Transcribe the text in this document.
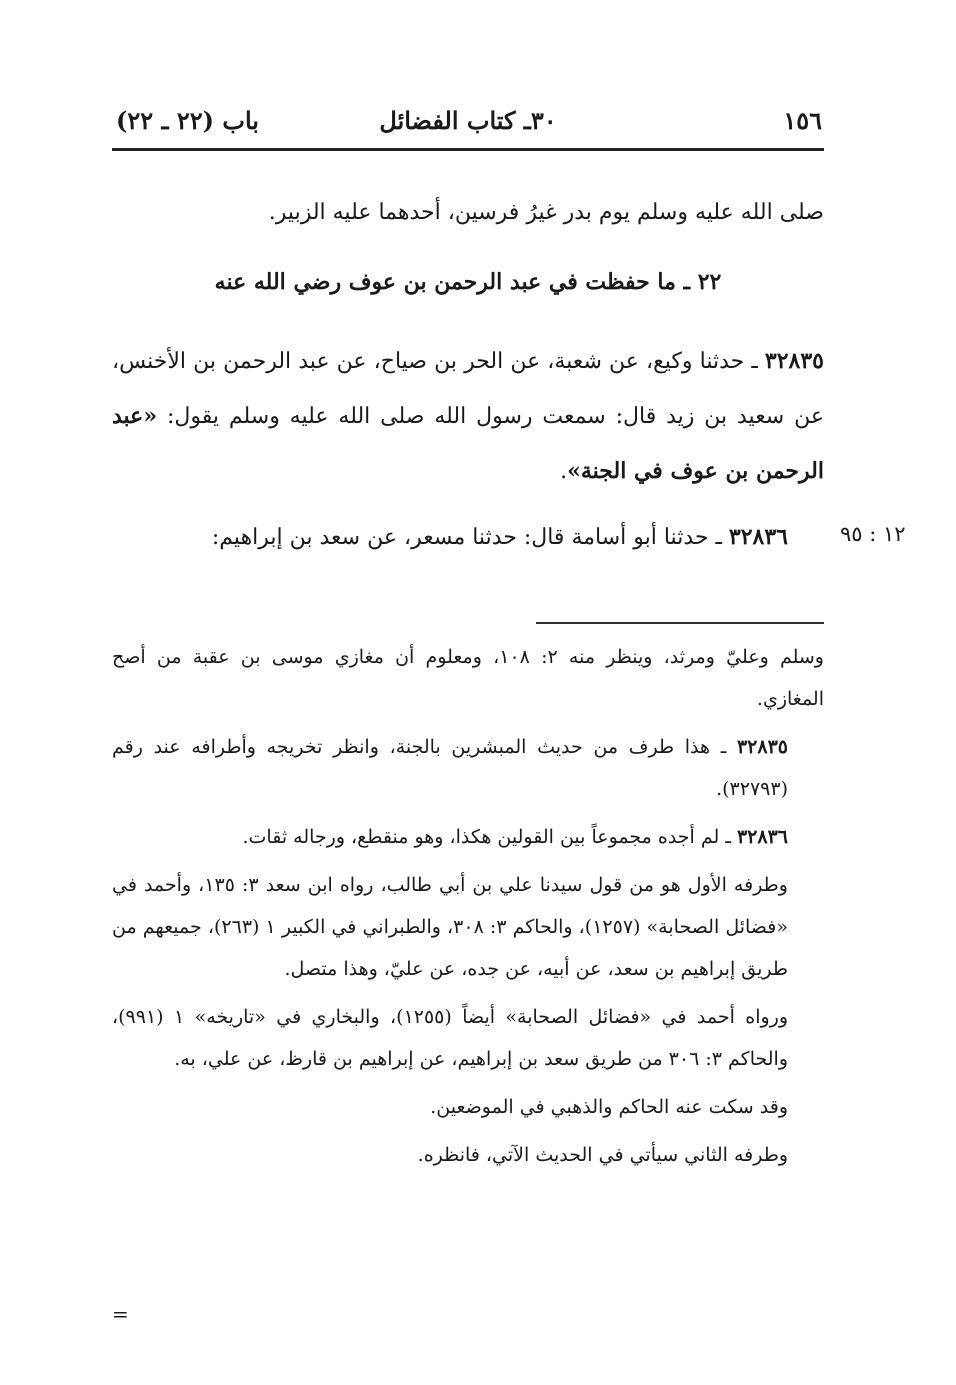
١٥٦
٣٠ـ كتاب الفضائل
باب (٢٢ ـ ٢٢)

صلى الله عليه وسلم يوم بدر غيرُ فرسين، أحدهما عليه الزبير.

٢٢ ـ ما حفظت في عبد الرحمن بن عوف رضي الله عنه

٣٢٨٣٥ ـ حدثنا وكيع، عن شعبة، عن الحر بن صياح، عن عبد الرحمن بن الأخنس، عن سعيد بن زيد قال: سمعت رسول الله صلى الله عليه وسلم يقول: «عبد الرحمن بن عوف في الجنة».

٣٢٨٣٦ ـ حدثنا أبو أسامة قال: حدثنا مسعر، عن سعد بن إبراهيم:	١٢ : ٩٥

وسلم وعليّ ومرثد، وينظر منه ٢: ١٠٨، ومعلوم أن مغازي موسى بن عقبة من أصح المغازي.

٣٢٨٣٥ ـ هذا طرف من حديث المبشرين بالجنة، وانظر تخريجه وأطرافه عند رقم (٣٢٧٩٣).

٣٢٨٣٦ ـ لم أجده مجموعاً بين القولين هكذا، وهو منقطع، ورجاله ثقات.

وطرفه الأول هو من قول سيدنا علي بن أبي طالب، رواه ابن سعد ٣: ١٣٥، وأحمد في «فضائل الصحابة» (١٢٥٧)، والحاكم ٣: ٣٠٨، والطبراني في الكبير ١ (٢٦٣)، جميعهم من طريق إبراهيم بن سعد، عن أبيه، عن جده، عن عليّ، وهذا متصل.

ورواه أحمد في «فضائل الصحابة» أيضاً (١٢٥٥)، والبخاري في «تاريخه» ١ (٩٩١)، والحاكم ٣: ٣٠٦ من طريق سعد بن إبراهيم، عن إبراهيم بن قارظ، عن علي، به.

وقد سكت عنه الحاكم والذهبي في الموضعين.

وطرفه الثاني سيأتي في الحديث الآتي، فانظره.

=
